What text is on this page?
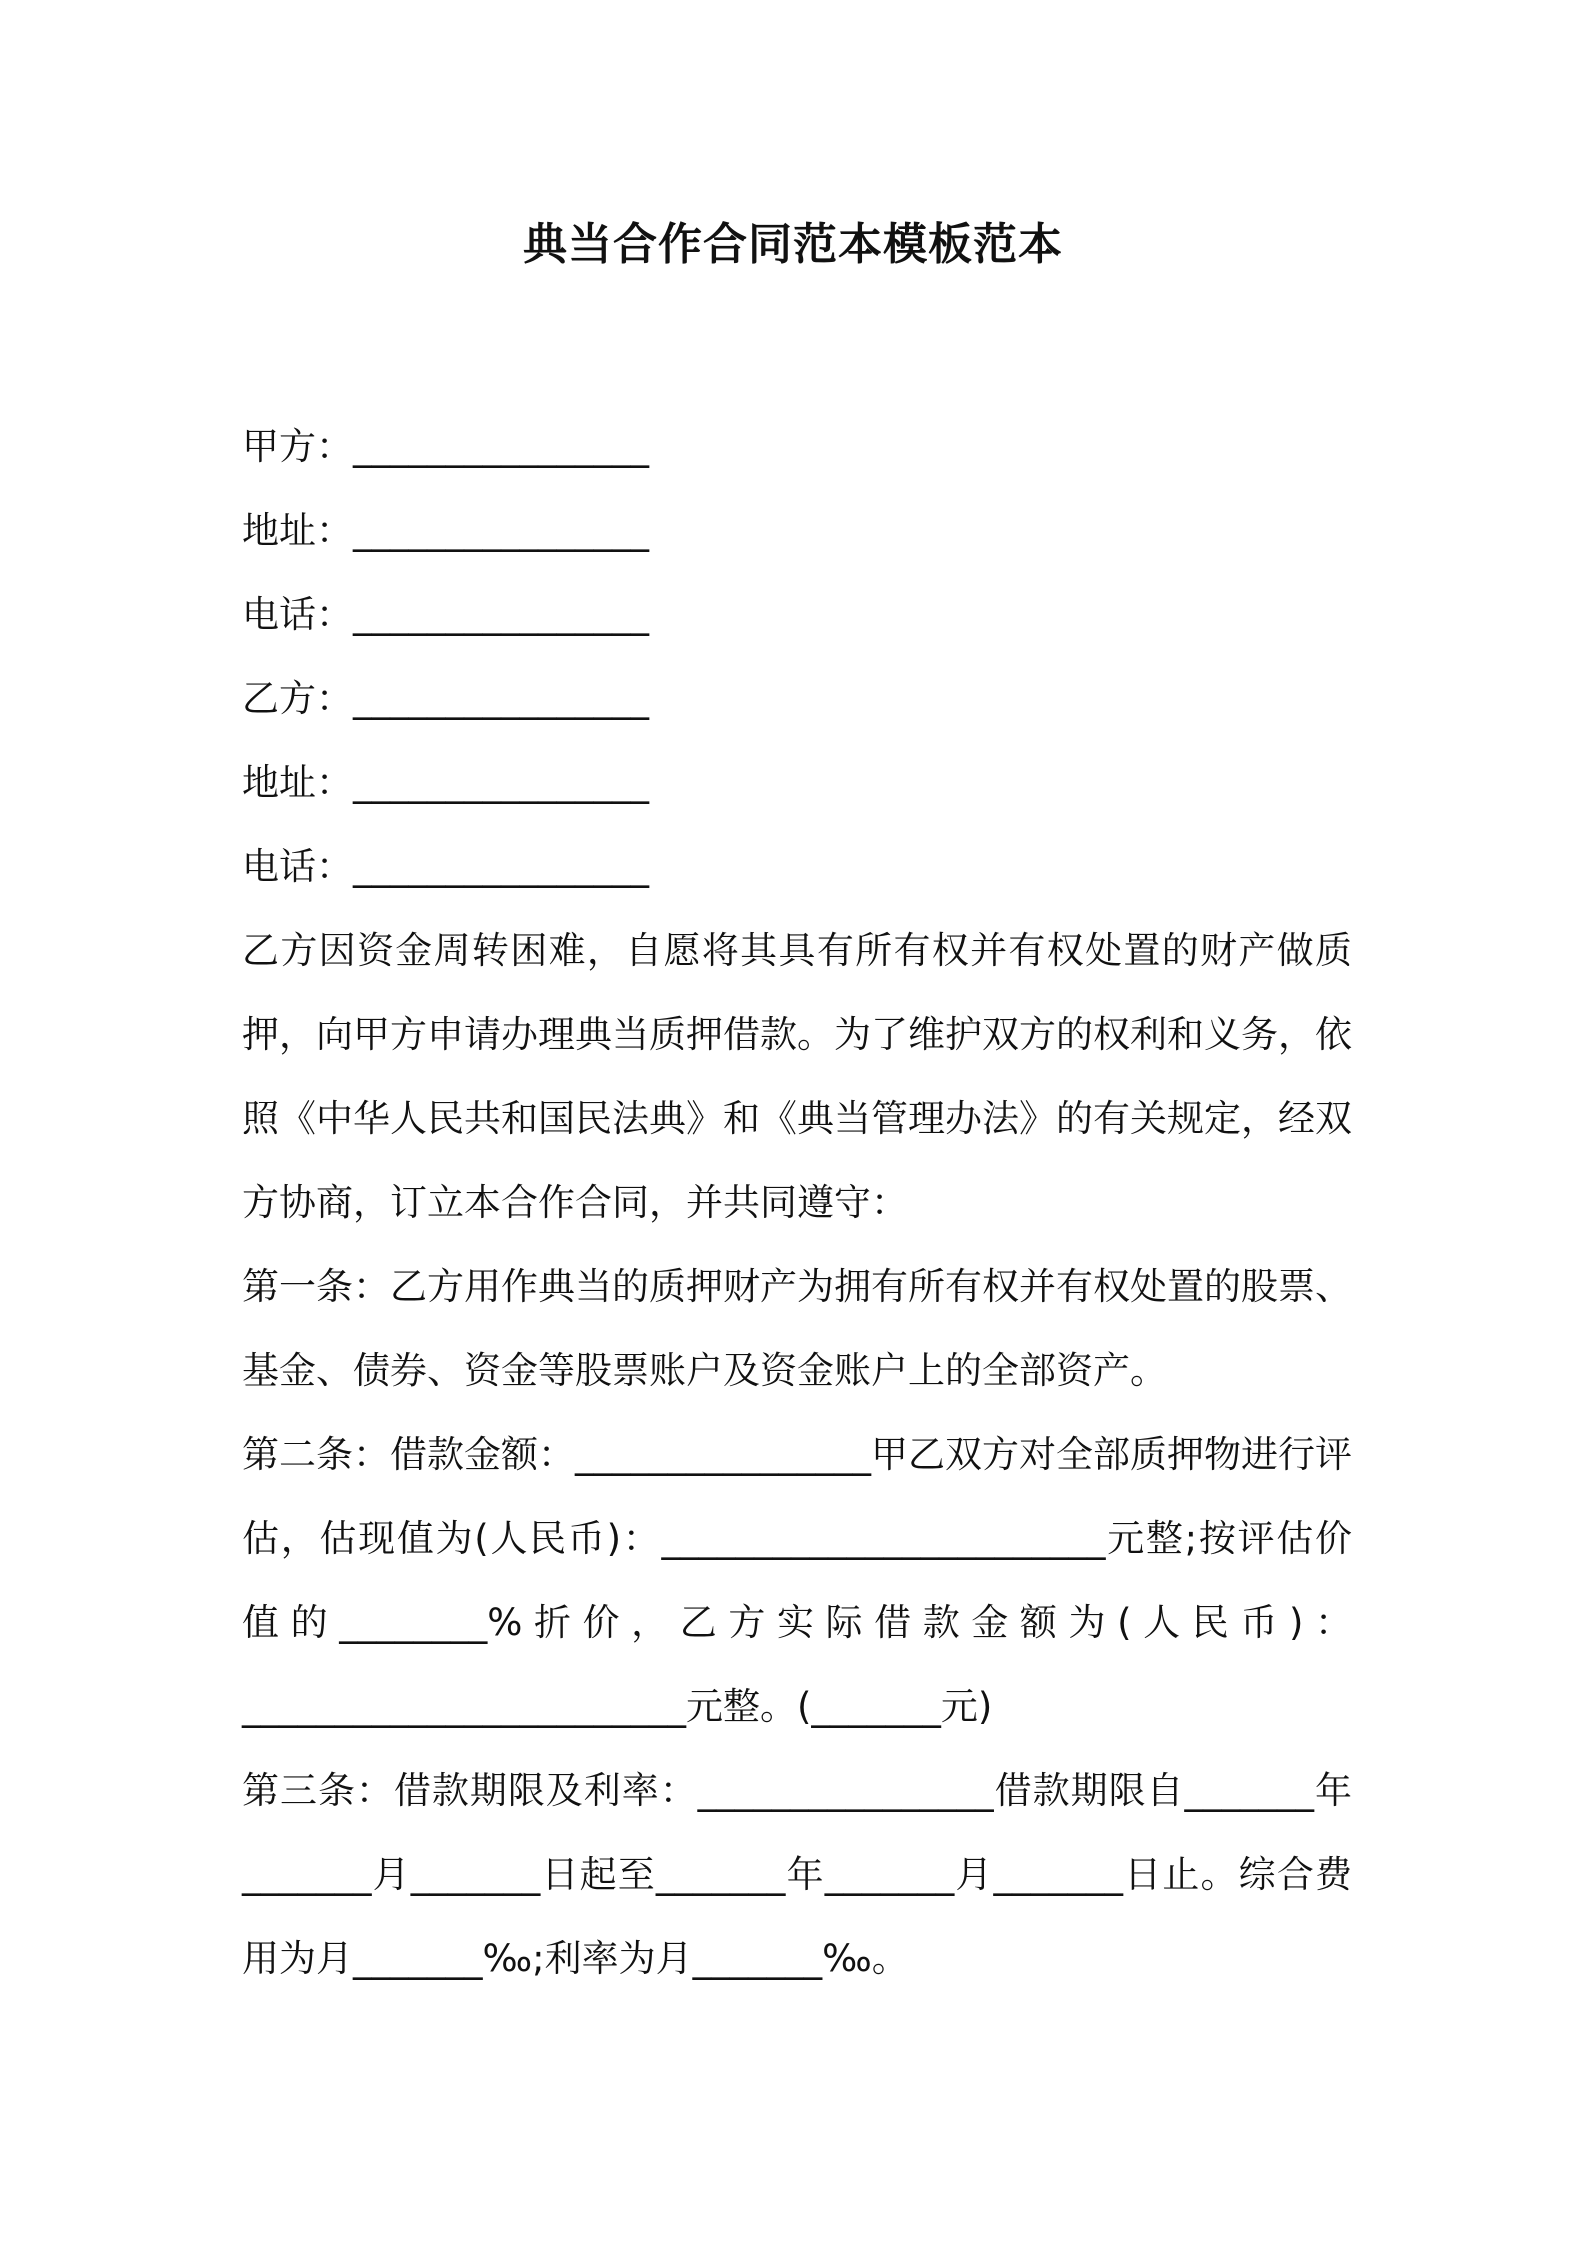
典当合作合同范本模板范本
甲方：________________
地址：________________
电话：________________
乙方：________________
地址：________________
电话：________________

乙方因资金周转困难，自愿将其具有所有权并有权处置的财产做质押，向甲方申请办理典当质押借款。为了维护双方的权利和义务，依照《中华人民共和国民法典》和《典当管理办法》的有关规定，经双方协商，订立本合作合同，并共同遵守：

第一条：乙方用作典当的质押财产为拥有所有权并有权处置的股票、基金、债券、资金等股票账户及资金账户上的全部资产。

第二条：借款金额：________________甲乙双方对全部质押物进行评估，估现值为(人民币)：________________________元整;按评估价值的________%折价，乙方实际借款金额为(人民币)：________________________元整。(_______元)

第三条：借款期限及利率：________________借款期限自_______年_______月_______日起至_______年_______月_______日止。综合费用为月_______‰;利率为月_______‰。
